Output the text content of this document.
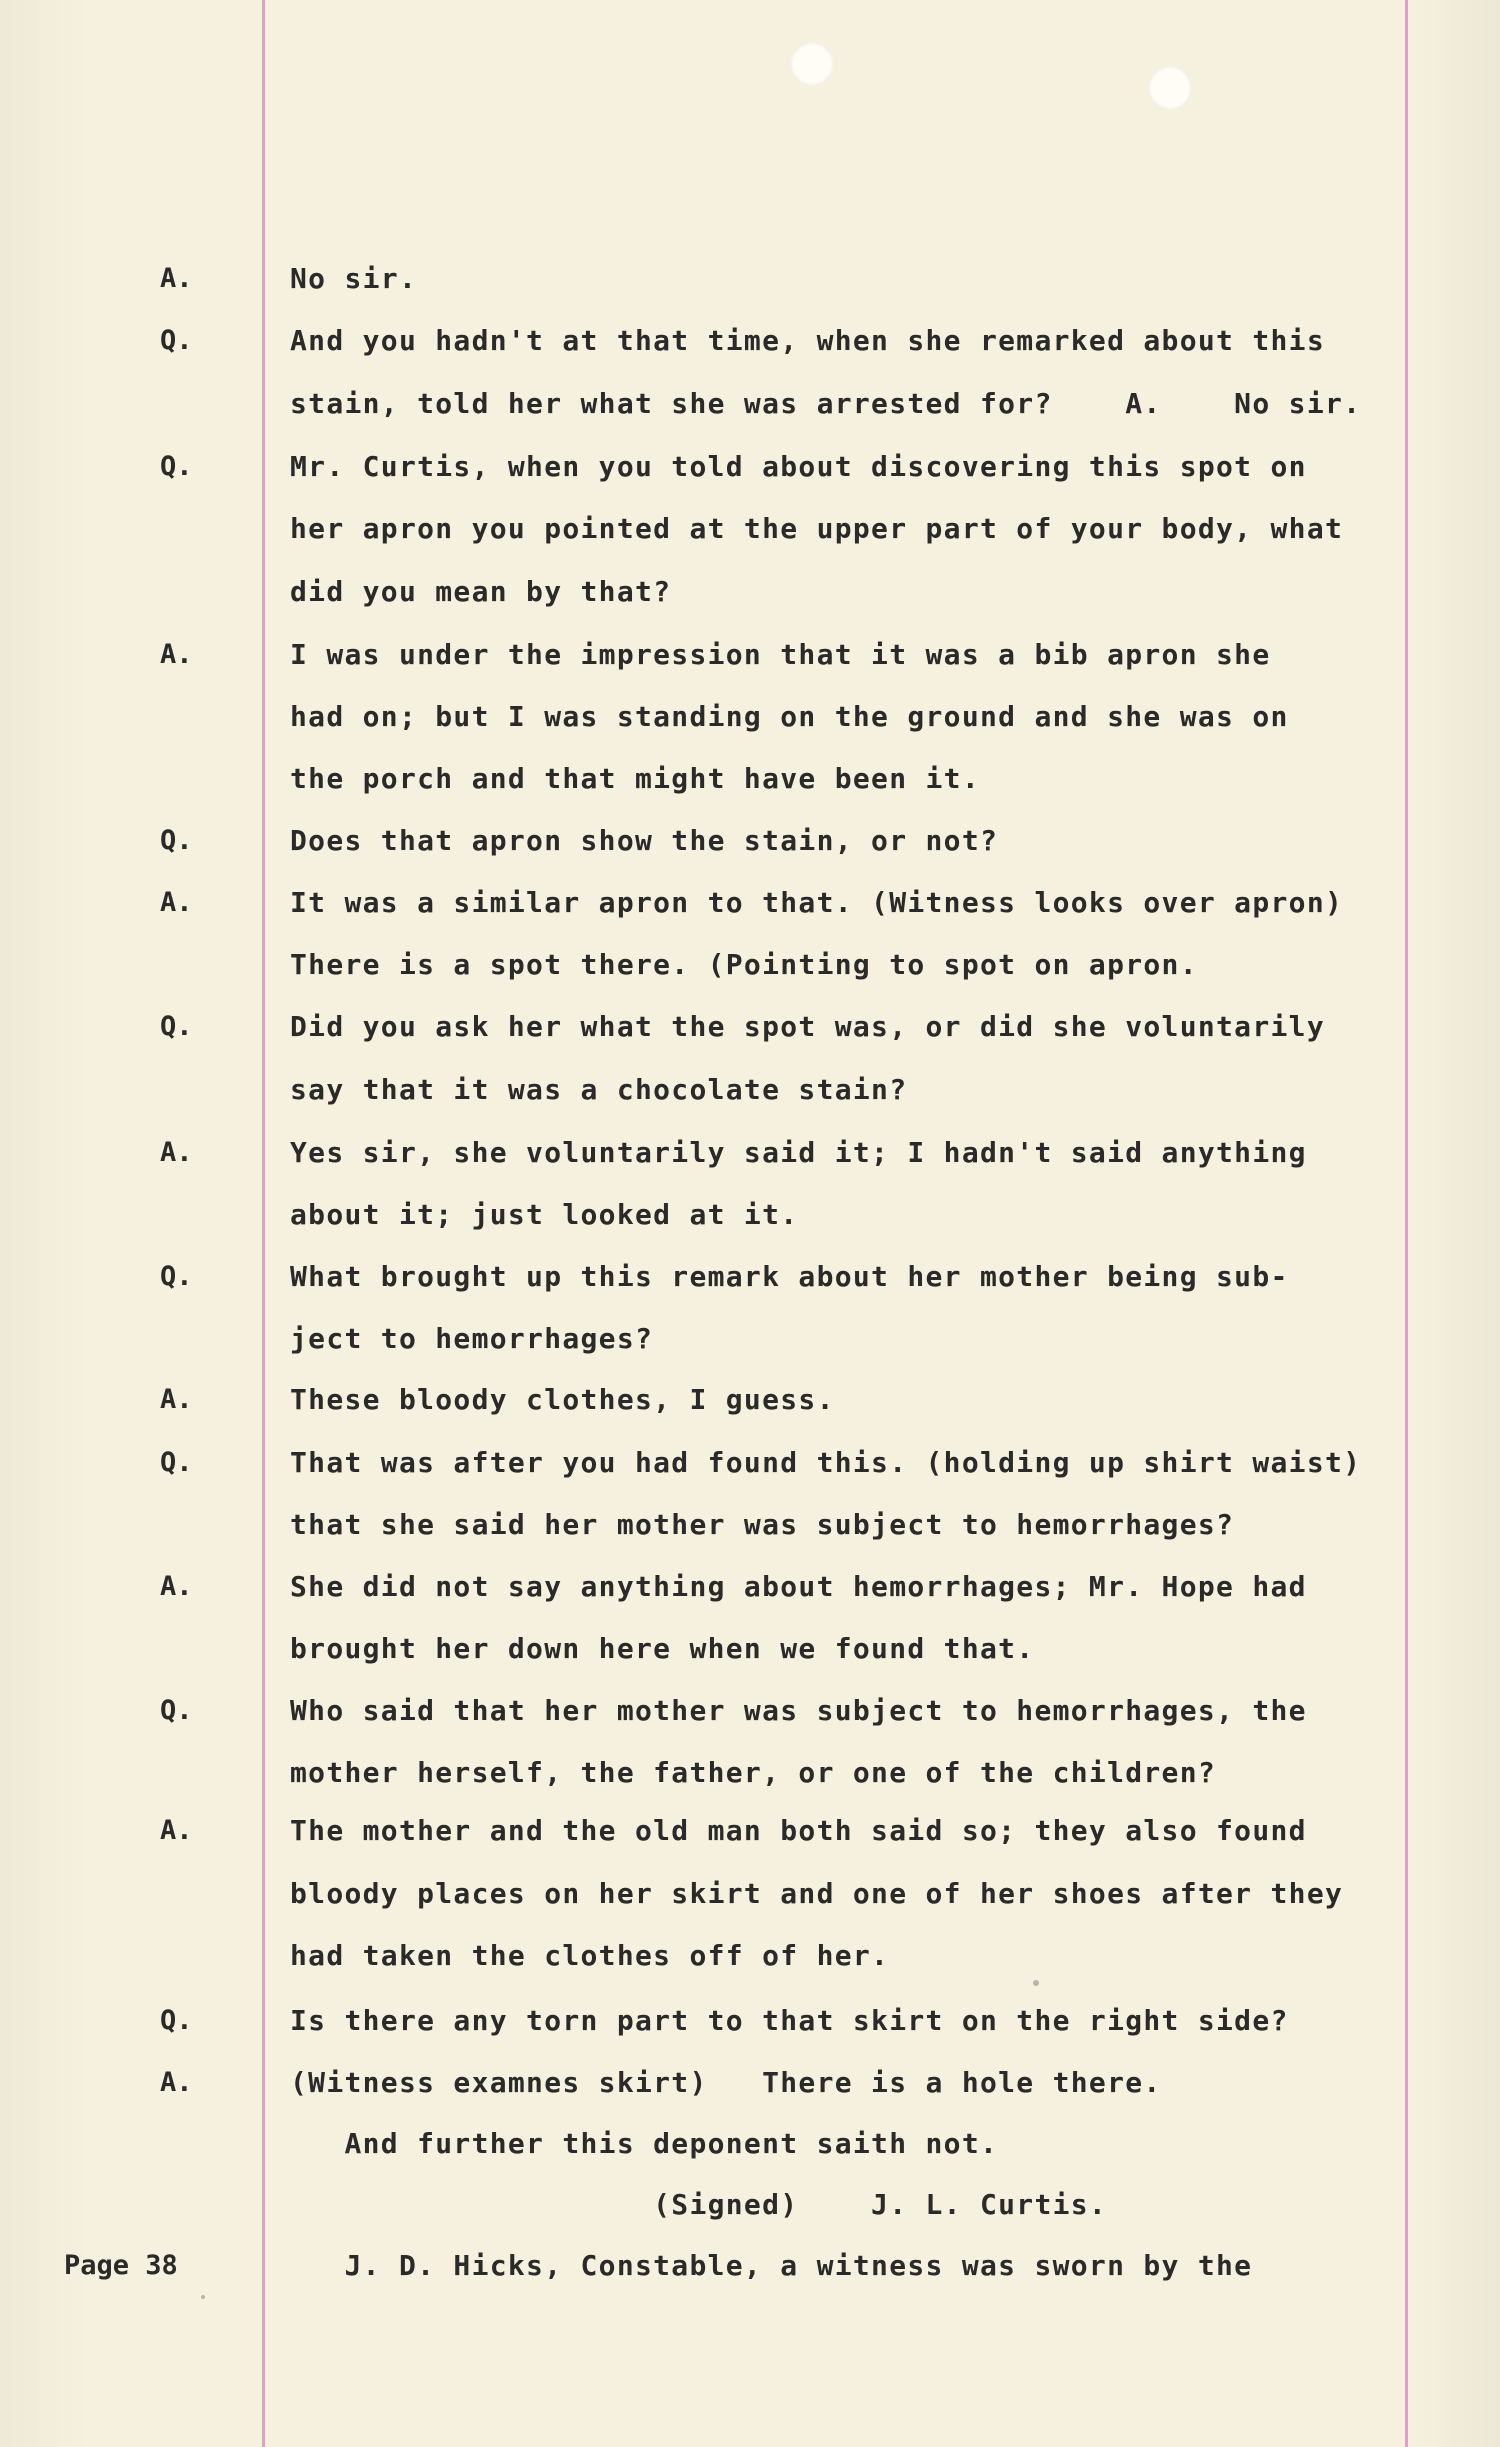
A.
Q.
Q.
A.
Q.
A.
Q.
A.
Q.
A.
Q.
A.
Q.
A.
Q.
A.
No sir.
And you hadn't at that time, when she remarked about this
stain, told her what she was arrested for?    A.    No sir.
Mr. Curtis, when you told about discovering this spot on
her apron you pointed at the upper part of your body, what
did you mean by that?
I was under the impression that it was a bib apron she
had on; but I was standing on the ground and she was on
the porch and that might have been it.
Does that apron show the stain, or not?
It was a similar apron to that. (Witness looks over apron)
There is a spot there. (Pointing to spot on apron.
Did you ask her what the spot was, or did she voluntarily
say that it was a chocolate stain?
Yes sir, she voluntarily said it; I hadn't said anything
about it; just looked at it.
What brought up this remark about her mother being sub-
ject to hemorrhages?
These bloody clothes, I guess.
That was after you had found this. (holding up shirt waist)
that she said her mother was subject to hemorrhages?
She did not say anything about hemorrhages; Mr. Hope had
brought her down here when we found that.
Who said that her mother was subject to hemorrhages, the
mother herself, the father, or one of the children?
The mother and the old man both said so; they also found
bloody places on her skirt and one of her shoes after they
had taken the clothes off of her.
Is there any torn part to that skirt on the right side?
(Witness examnes skirt)   There is a hole there.
And further this deponent saith not.
(Signed)    J. L. Curtis.
J. D. Hicks, Constable, a witness was sworn by the
Page 38
